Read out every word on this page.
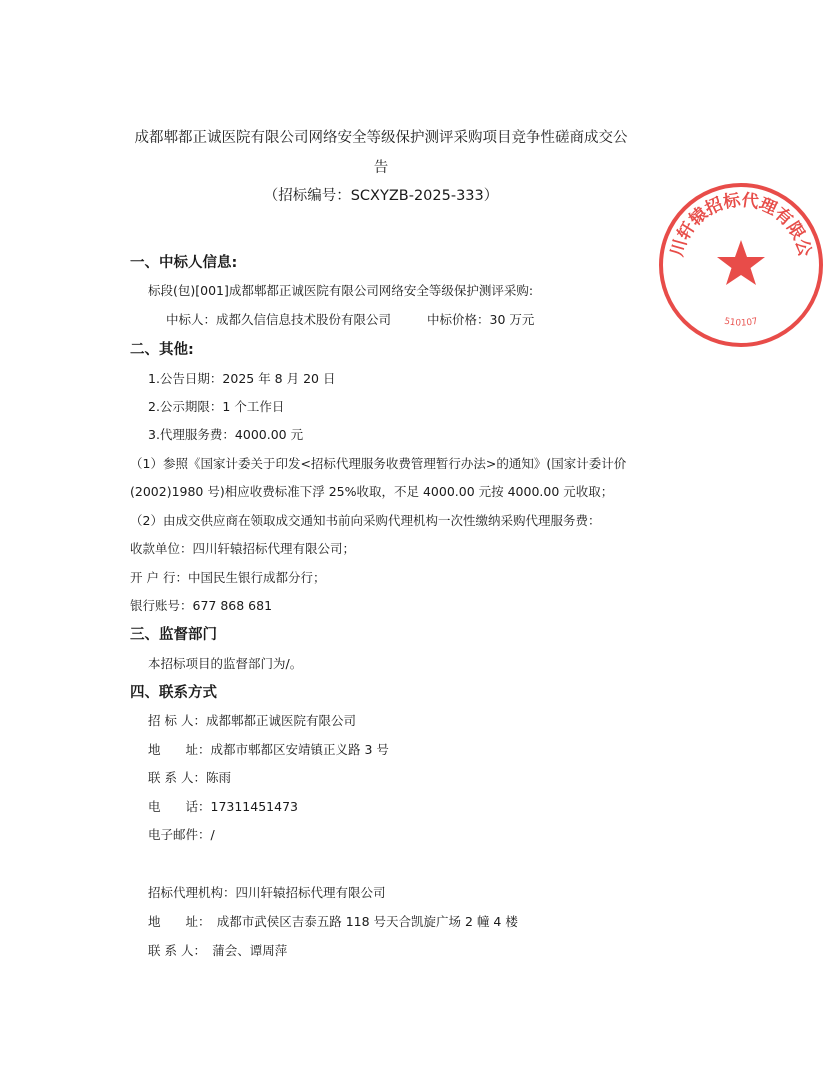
成都郫都正诚医院有限公司网络安全等级保护测评采购项目竞争性磋商成交公
告
（招标编号：SCXYZB-2025-333）
一、中标人信息:
标段(包)[001]成都郫都正诚医院有限公司网络安全等级保护测评采购:
中标人：成都久信信息技术股份有限公司	中标价格：30 万元
二、其他:
1.公告日期：2025 年 8 月 20 日
2.公示期限：1 个工作日
3.代理服务费：4000.00 元
（1）参照《国家计委关于印发<招标代理服务收费管理暂行办法>的通知》(国家计委计价
(2002)1980 号)相应收费标准下浮 25%收取，不足 4000.00 元按 4000.00 元收取；
（2）由成交供应商在领取成交通知书前向采购代理机构一次性缴纳采购代理服务费：
收款单位：四川轩辕招标代理有限公司；
开 户 行：中国民生银行成都分行；
银行账号：677 868 681
三、监督部门
本招标项目的监督部门为/。
四、联系方式
招 标 人：成都郫都正诚医院有限公司
地　　址：成都市郫都区安靖镇正义路 3 号
联 系 人：陈雨
电　　话：17311451473
电子邮件：/
招标代理机构：四川轩辕招标代理有限公司
地　　址：　成都市武侯区吉泰五路 118 号天合凯旋广场 2 幢 4 楼
联 系 人：　蒲会、谭周萍
四川轩辕招标代理有限公司
510107
